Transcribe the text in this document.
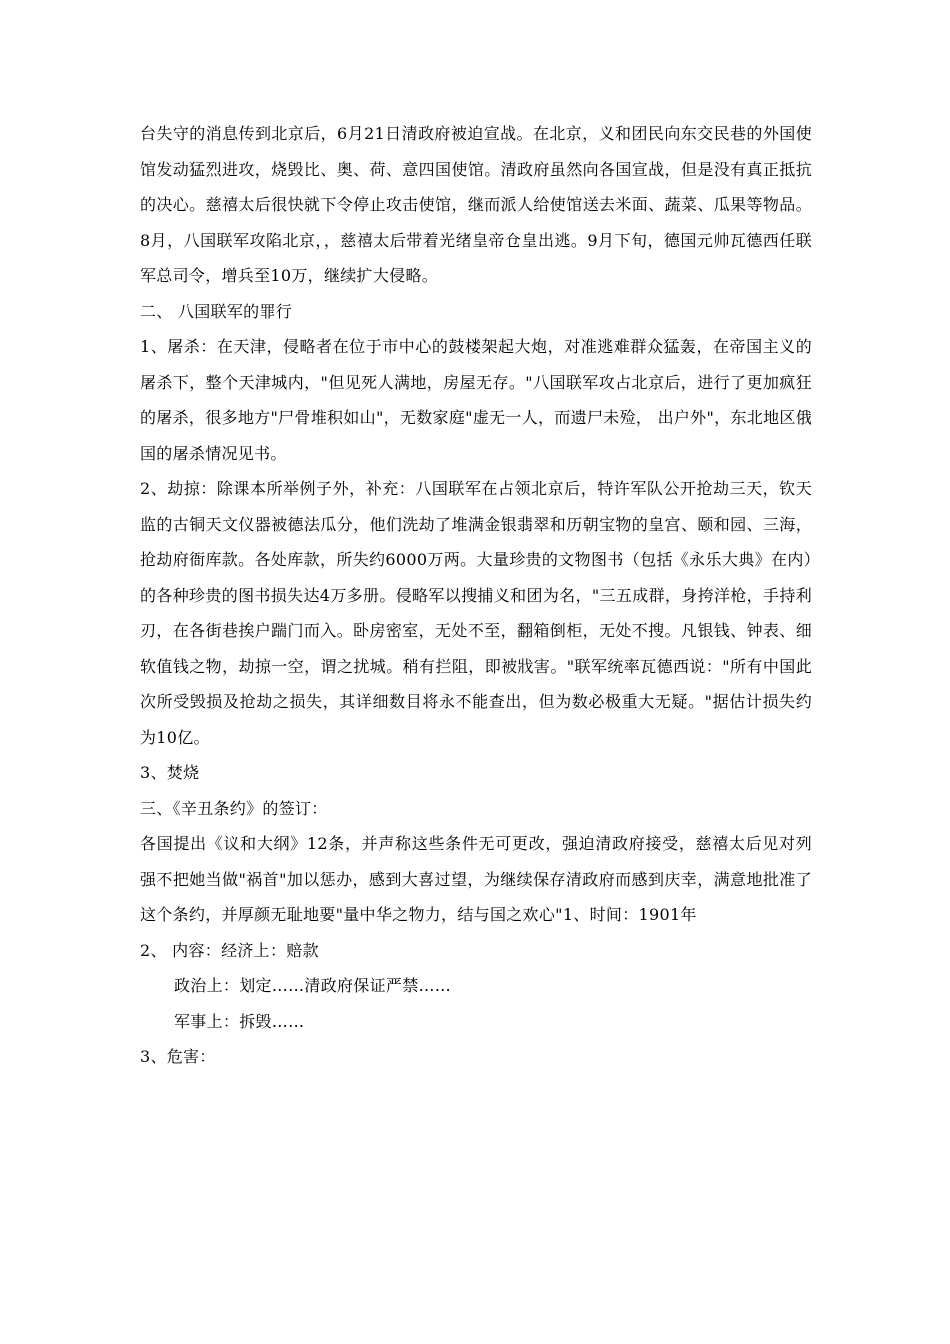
台失守的消息传到北京后，6月21日清政府被迫宣战。在北京，义和团民向东交民巷的外国使馆发动猛烈进攻，烧毁比、奥、荷、意四国使馆。清政府虽然向各国宣战，但是没有真正抵抗的决心。慈禧太后很快就下令停止攻击使馆，继而派人给使馆送去米面、蔬菜、瓜果等物品。8月，八国联军攻陷北京，，慈禧太后带着光绪皇帝仓皇出逃。9月下旬，德国元帅瓦德西任联军总司令，增兵至10万，继续扩大侵略。

二、 八国联军的罪行

1、屠杀：在天津，侵略者在位于市中心的鼓楼架起大炮，对准逃难群众猛轰，在帝国主义的屠杀下，整个天津城内，"但见死人满地，房屋无存。"八国联军攻占北京后，进行了更加疯狂的屠杀，很多地方"尸骨堆积如山"，无数家庭"虚无一人，而遗尸未殓， 出户外"，东北地区俄国的屠杀情况见书。

2、劫掠：除课本所举例子外，补充：八国联军在占领北京后，特许军队公开抢劫三天，钦天监的古铜天文仪器被德法瓜分，他们洗劫了堆满金银翡翠和历朝宝物的皇宫、颐和园、三海，抢劫府衙库款。各处库款，所失约6000万两。大量珍贵的文物图书（包括《永乐大典》在内）的各种珍贵的图书损失达4万多册。侵略军以搜捕义和团为名，"三五成群，身挎洋枪，手持利刃，在各街巷挨户踹门而入。卧房密室，无处不至，翻箱倒柜，无处不搜。凡银钱、钟表、细软值钱之物，劫掠一空，谓之扰城。稍有拦阻，即被戕害。"联军统率瓦德西说："所有中国此次所受毁损及抢劫之损失，其详细数目将永不能查出，但为数必极重大无疑。"据估计损失约为10亿。

3、焚烧

三、《辛丑条约》的签订：

各国提出《议和大纲》12条，并声称这些条件无可更改，强迫清政府接受，慈禧太后见对列强不把她当做"祸首"加以惩办，感到大喜过望，为继续保存清政府而感到庆幸，满意地批准了这个条约，并厚颜无耻地要"量中华之物力，结与国之欢心"1、时间：1901年

2、 内容：经济上：赔款

政治上：划定……清政府保证严禁……

军事上：拆毁……

3、危害：
